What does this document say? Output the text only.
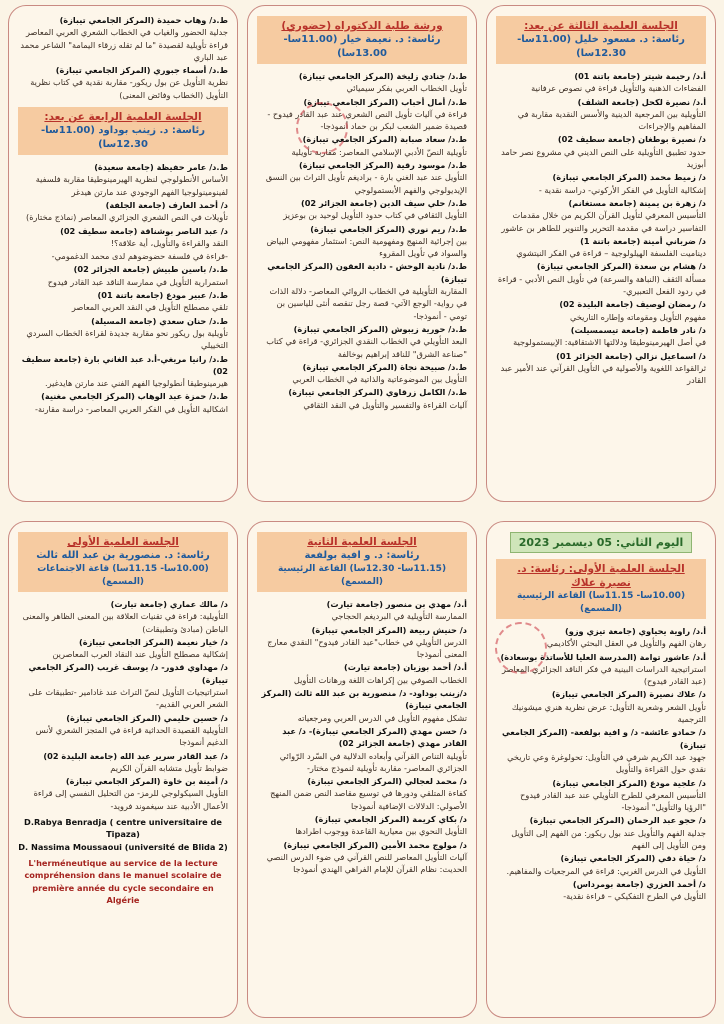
الجلسة العلمية الثالثة عن بعد:
رئاسة: د. مسعود خليل (11.00سا- 12.30سا)
أ.د/ رحيمة شيتر (جامعة باتنة 01)
الفضاءات الذهنية والتأويل قراءة في نصوص عرفانية
أ.د/ نصيرة لكحل (جامعة الشلف)
التأويلية بين المرجعية الدينية والأسس النقدية مقاربة في المفاهيم والإجراءات
د/ نصيرة بوطغان (جامعة سطيف 02)
حدود تطبيق التأويلية على النص الديني في مشروع نصر حامد أبوزيد
د/ زميط محمد (المركز الجامعي تيبازة)
إشكالية التأويل في الفكر الأركوني- دراسة نقدية -
د/ زهرة بن يمينة (جامعة مستغانم)
التأسيس المعرفي لتأويل القرآن الكريم من خلال مقدمات التفاسير دراسة في مقدمة التحرير والتنوير للطاهر بن عاشور
د/ ضرباني أمينة (جامعة باتنة 1)
ديناميت الفلسفة الهيلولوجية – قراءة في الفكر النيتشوي
د/ هشام بن سعدة (المركز الجامعي تيبازة)
مسألة الثقف (النباهة والسرعة) في تأويل النص الأدبي - قراءة في ردود الفعل التعبيري-
د/ رمضان لوصيف (جامعة البليدة 02)
مفهوم التأويل ومقوماته وإطاره التاريخي
د/ نادر قاطمة (جامعة تيسمسيلت)
في أصل الهيرمينوطيقا ودلالتها الاشتقاقية: الإبيستمولوجية
د/ اسماعيل نزالي (جامعة الجزائر 01)
ثرالقواعد اللغوية والأصولية في التأويل القرآني عند الأمير عبد القادر
ورشة طلبة الدكتوراه (حضوري)
رئاسة: د. نعيمة خيار (11.00سا- 13.00سا)
ط.د/ جنادي زليخة (المركز الجامعي تيبازة)
تأويل الخطاب العربي بفكر سيميائي
ط.د/ أمال أحباب (المركز الجامعي تيبازة)
قراءة في آليات تأويل النص الشعري عند عبد القادر فيدوح - قصيدة ضمير الشعب لبكر بن حماد أنموذجا-
ط.د/ سعاد صبابة (المركز الجامعي تيبازة)
تأويلية النصّ الأدبي الإسلامي المعاصر: مقاربة تأويلية
ط.د/ موسود رقية (المركز الجامعي تيبازة)
التأويل عند عبد الغني بارة - براديغم تأويل التراث بين النسق الإيديولوجي والفهم الأبستمولوجي
ط.د/ حلي سيف الدين (جامعة الجزائر 02)
التأويل الثقافي في كتاب حدود التأويل لوحيد بن بوعزيز
ط.د/ ريم نوري (المركز الجامعي تيبازة)
بين إجرائية المنهج ومفهومية النص: استثمار مفهومي البياض والسواد في تأويل المقروء
ط.د/ نادية الوحش - دادية العقون (المركز الجامعي تيبازة)
المقاربة التأويلية في الخطاب الروائي المعاصر- دلالة الذات في رواية- الوجع الآتي- قصة رجل تنقصه أنثى للياسين بن تومي - أنموذجا-
ط.د/ حورية زيبوش (المركز الجامعي تيبازة)
البعد التأويلي في الخطاب النقدي الجزائري- قراءة في كتاب "صناعة الشرق" للناقد إبراهيم بوخالفة
ط.د/ صبيحة نجاة (المركز الجامعي تيبازة)
التأويل بين الموضوعاتية والذاتية في الخطاب العربي
ط.د/ الكامل زرقاوي (المركز الجامعي تيبازة)
آليات القراءة والتفسير والتأويل في النقد الثقافي
ط.د/ وهاب حميدة (المركز الجامعي تيبازة)
جدلية الحضور والغياب في الخطاب الشعري العربي المعاصر قراءة تأويلية لقصيدة "ما لم تقله زرقاء اليمامة" الشاعر محمد عبد الباري
ط.د/ أسماء جبوري (المركز الجامعي تيبازة)
نظرية التأويل عن بول ريكور- مقاربة نقدية في كتاب نظرية التأويل (الخطاب وفائض المعنى)
الجلسة العلمية الرابعة عن بعد:
رئاسة: د. زينب بوداود (11.00سا- 12.30سا)
ط.د/ عامر حفيظة (جامعة سعيدة)
الأساس الأنطولوجي لنظرية الهيرمينوطيقا مقاربة فلسفية لفينومينولوجيا الفهم الوجودي عند مارتن هيدغر
د/ أحمد العارف (جامعة الجلفة)
تأويلات في النص الشعري الجزائري المعاصر (نماذج مختارة)
د/ عبد الناصر بوشناقة (جامعة سطيف 02)
النقد والقراءة والتأويل، أية علاقة؟!
-قراءة في فلسفة حضوضوهم لدى محمد الدغمومي-
ط.د/ باسين طبيش (جامعة الجزائر 02)
استمرارية التأويل في ممارسة الناقد عبد القادر فيدوح
ط.د/ عبير مودع (جامعة باتنة 01)
تلقي مصطلح التأويل في النقد العربي المعاصر
ط.د/ حنان سعدي (جامعة المسيلة)
تأويلية بول ريكور نحو مقاربة جديدة لقراءة الخطاب السردي التخييلي
ط.د/ رانيا مريغي-أ.د عبد الغاني بارة (جامعة سطيف 02)
هيرمينوطيقا أنطولوجيا الفهم الفني عند مارتن هايدغير.
ط.د/ حمزة عبد الوهاب (المركز الجامعي مغنية)
اشكالية التأويل في الفكر العربي المعاصر- دراسة مقارنة-
اليوم الثاني: 05 ديسمبر 2023
الجلسة العلمية الأولى: رئاسة: د. نصيرة علاك
(10.00سا- 11.15سا) القاعة الرئيسية (المسمع)
أ.د/ راوية يحياوي (جامعة تيزي وزو)
رهان الفهم والتأويل في العقل البحثي الأكاديمي
أ.د/ عاشور توامة (المدرسة العليا للأساتذة بوسعادة)
استراتيجية الدراسات البينية في فكر الناقد الجزائري المعاصر (عبد القادر فيدوح)
د/ علاك نصيرة (المركز الجامعي تيبازة)
تأويل الشعر وشعرية التأويل: عرض نظرية هنري ميشونيك الترجمية
د/ حمادو عائشة- د/ و افية بولفعة- (المركز الجامعي تيبازة)
جهود عبد الكريم شرفي في التأويل: تحولوغرة وعي تاريخي نقدي حول القراءة والتأويل
د/ علجية مودع (المركز الجامعي تيبازة)
التأسيس المعرفي للطرح التأويلي عند عبد القادر فيدوح "الرؤيا والتأويل" أنموذجا-
د/ حجو عبد الرحمان (المركز الجامعي تيبازة)
جدلية الفهم والتأويل عند بول ريكور: من الفهم إلى التأويل ومن التأويل إلى الفهم
د/ حياة دقي (المركز الجامعي تيبازة)
التأويل في الدرس الغربي: قراءة في المرجعيات والمفاهيم.
د/ أحمد العزري (جامعة بومرداس)
التأويل في الطرح التفكيكي – قراءة نقدية-
الجلسة العلمية الثانية
رئاسة: د. و افية بولفعة
(11.15سا- 12.30سا) القاعة الرئيسية (المسمع)
أ.د/ مهدي بن منصور (جامعة تيارت)
الممارسة التأويلية في البرديغم الحجاجي
د/ حنيش ربيعة (المركز الجامعي تيبازة)
الدرس التأويلي في خطاب"عبد القادر فيدوح" النقدي معارج المعنى أنموذجا
أ.د/ أحمد بوزيان (جامعة تيارت)
الخطاب الصوفي بين إكراهات اللغة ورهانات التأويل
د/زينب بوداود- د/ منصورية بن عبد الله ثالث (المركز الجامعي تيبازة)
تشكل مفهوم التأويل في الدرس العربي ومرجعياته
د/ حسن مهدي (المركز الجامعي تيبازة)- د/ عبد القادر مهدي (جامعة الجزائر 02)
تأويلية التناص القرآني وأبعاده الدلالية في السّرد الرّوائي الجزائري المعاصر- مقاربة تأويلية لنموذج مختار-
د/ محمد لعجالي (المركز الجامعي تيبازة)
كفاءة المتلقي ودورها في توسيع مقاصد النص ضمن المنهج الأصولي: الدلالات الإضافية أنموذجا
د/ بكاي كريمة (المركز الجامعي تيبازة)
التأويل النحوي بين معيارية القاعدة ووجوب اطرادها
د/ مولوج محمد الأمين (المركز الجامعي تيبازة)
آليات التأويل المعاصر للنص القرآني في ضوء الدرس النصي الحديث: نظام القرآن للإمام الفراهي الهندي أنموذجا
الجلسة العلمية الأولى
رئاسة: د. منصورية بن عبد الله ثالث
(10.00سا- 11.15سا) قاعة الاجتماعات (المسمع)
د/ مالك عماري (جامعة تيارت)
التأويلية: قراءة في تقنيات العلاقة بين المعنى الظاهر والمعنى الباطن (مبادئ وتطبيقات)
د/ خيار نعيمة (المركز الجامعي تيبازة)
إشكالية مصطلح التأويل عند النقاد العرب المعاصرين
د/ مهداوي قدور- د/ يوسف غريب (المركز الجامعي تيبازة)
استراتيجيات التأويل لنصّ التراث عند غادامير -تطبيقات على الشعر العربي القديم-
د/ حسين حليمي (المركز الجامعي تيبازة)
التأويلية القصيدة الحداثية قراءة في المتجز الشعري لأنس الدغيم أنموذجا
د/ عبد القادر سرير عبد الله (جامعة البليدة 02)
ضوابط تأويل متشابه القرآن الكريم
د/ أمينة بن خاوة (المركز الجامعي تيبازة)
التأويل السيكولوجي للرمز- من التحليل النفسي إلى قراءة الأعمال الأدبية عند سيغموند فرويد-
D.Rabya Benradja ( centre universitaire de Tipaza)
D. Nassima Moussaoui (université de Blida 2)
L'herméneutique au service de la lecture compréhension dans le manuel scolaire de première année du cycle secondaire en Algérie
